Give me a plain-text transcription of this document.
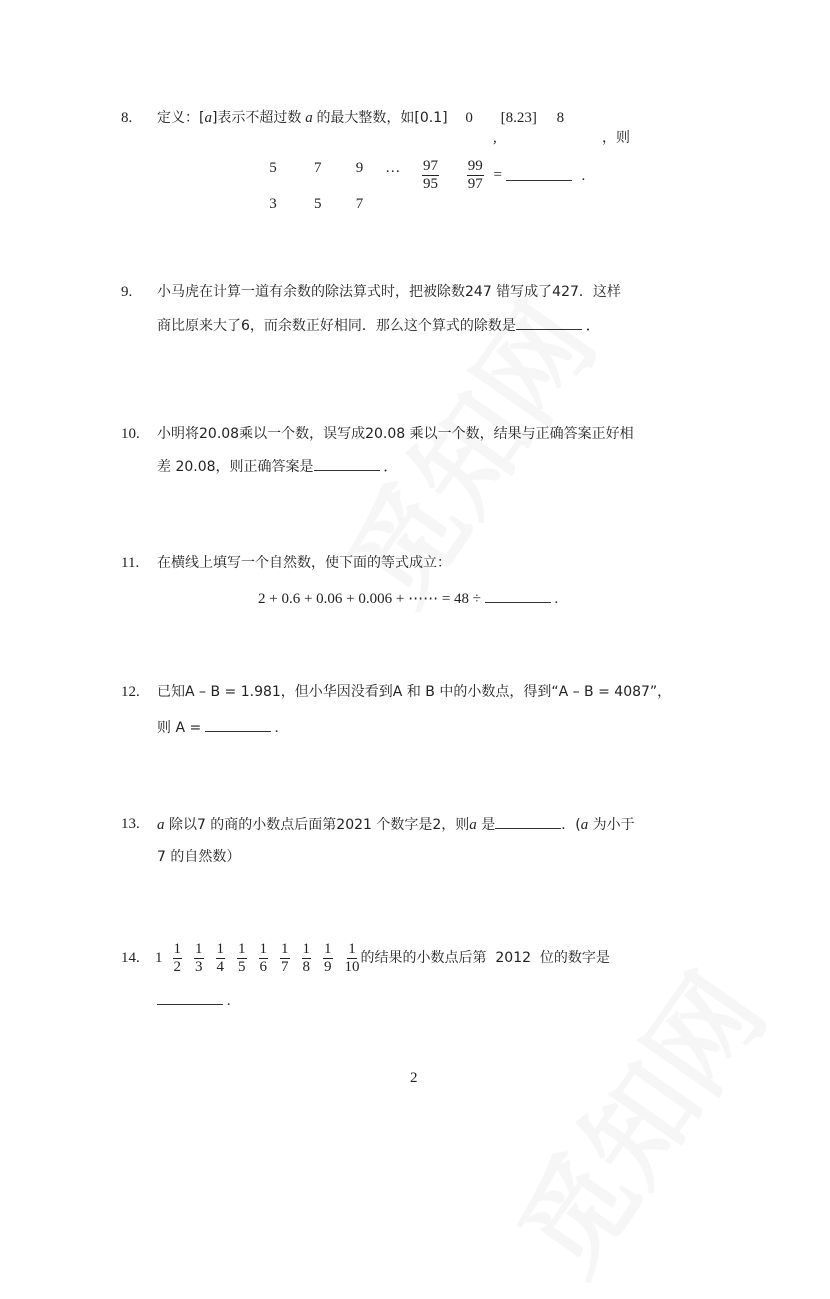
8. 定义：[a]表示不超过数 a 的最大整数，如[0.1] 0 [8.23] 8
,	，则
5
3 7
5 9
7 … $\frac{97}{95}$
$\frac{99}{97}$ =	.
9. 小马虎在计算一道有余数的除法算式时，把被除数247 错写成了427．这样
商比原来大了6，而余数正好相同．那么这个算式的除数是	．
10. 小明将20.08乘以一个数，误写成20.08 乘以一个数，结果与正确答案正好相
差 20.08，则正确答案是	．
11. 在横线上填写一个自然数，使下面的等式成立：
2 + 0.6 + 0.06 + 0.006 + ⋯⋯ = 48 ÷	.
12. 已知A – B = 1.981，但小华因没看到A 和 B 中的小数点，得到“A – B = 4087”，
则 A =	.
13. a 除以7 的商的小数点后面第2021 个数字是2，则a 是	．(a 为小于
7 的自然数）
14. $1 \frac{1}{2} \frac{1}{3} \frac{1}{4} \frac{1}{5} \frac{1}{6} \frac{1}{7} \frac{1}{8} \frac{1}{9} \frac{1}{10}$ 的结果的小数点后第  2012  位的数字是
.
2
